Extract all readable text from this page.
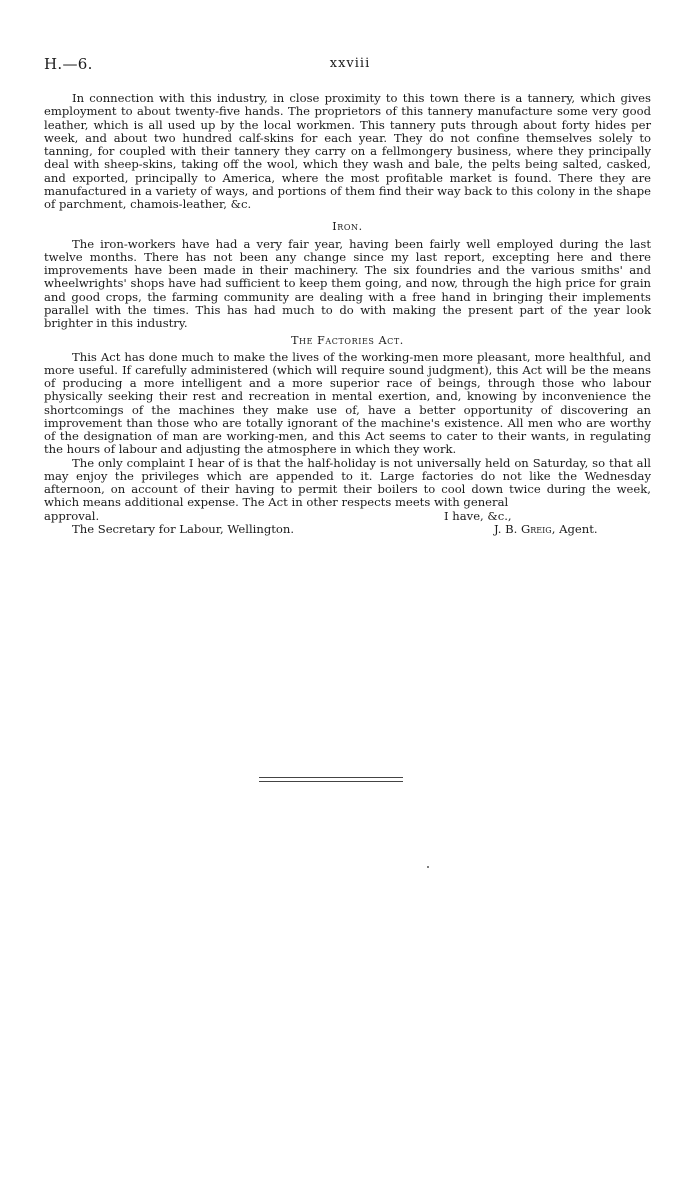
H.—6.	xxviii

In connection with this industry, in close proximity to this town there is a tannery, which gives employment to about twenty-five hands. The proprietors of this tannery manufacture some very good leather, which is all used up by the local workmen. This tannery puts through about forty hides per week, and about two hundred calf-skins for each year. They do not confine themselves solely to tanning, for coupled with their tannery they carry on a fellmongery business, where they principally deal with sheep-skins, taking off the wool, which they wash and bale, the pelts being salted, casked, and exported, principally to America, where the most profitable market is found. There they are manufactured in a variety of ways, and portions of them find their way back to this colony in the shape of parchment, chamois-leather, &c.

Iron.

The iron-workers have had a very fair year, having been fairly well employed during the last twelve months. There has not been any change since my last report, excepting here and there improvements have been made in their machinery. The six foundries and the various smiths' and wheelwrights' shops have had sufficient to keep them going, and now, through the high price for grain and good crops, the farming community are dealing with a free hand in bringing their implements parallel with the times. This has had much to do with making the present part of the year look brighter in this industry.

The Factories Act.

This Act has done much to make the lives of the working-men more pleasant, more healthful, and more useful. If carefully administered (which will require sound judgment), this Act will be the means of producing a more intelligent and a more superior race of beings, through those who labour physically seeking their rest and recreation in mental exertion, and, knowing by inconvenience the shortcomings of the machines they make use of, have a better opportunity of discovering an improvement than those who are totally ignorant of the machine's existence. All men who are worthy of the designation of man are working-men, and this Act seems to cater to their wants, in regulating the hours of labour and adjusting the atmosphere in which they work.

The only complaint I hear of is that the half-holiday is not universally held on Saturday, so that all may enjoy the privileges which are appended to it. Large factories do not like the Wednesday afternoon, on account of their having to permit their boilers to cool down twice during the week, which means additional expense. The Act in other respects meets with general

approval.	I have, &c.,
The Secretary for Labour, Wellington.	J. B. Greig, Agent.
